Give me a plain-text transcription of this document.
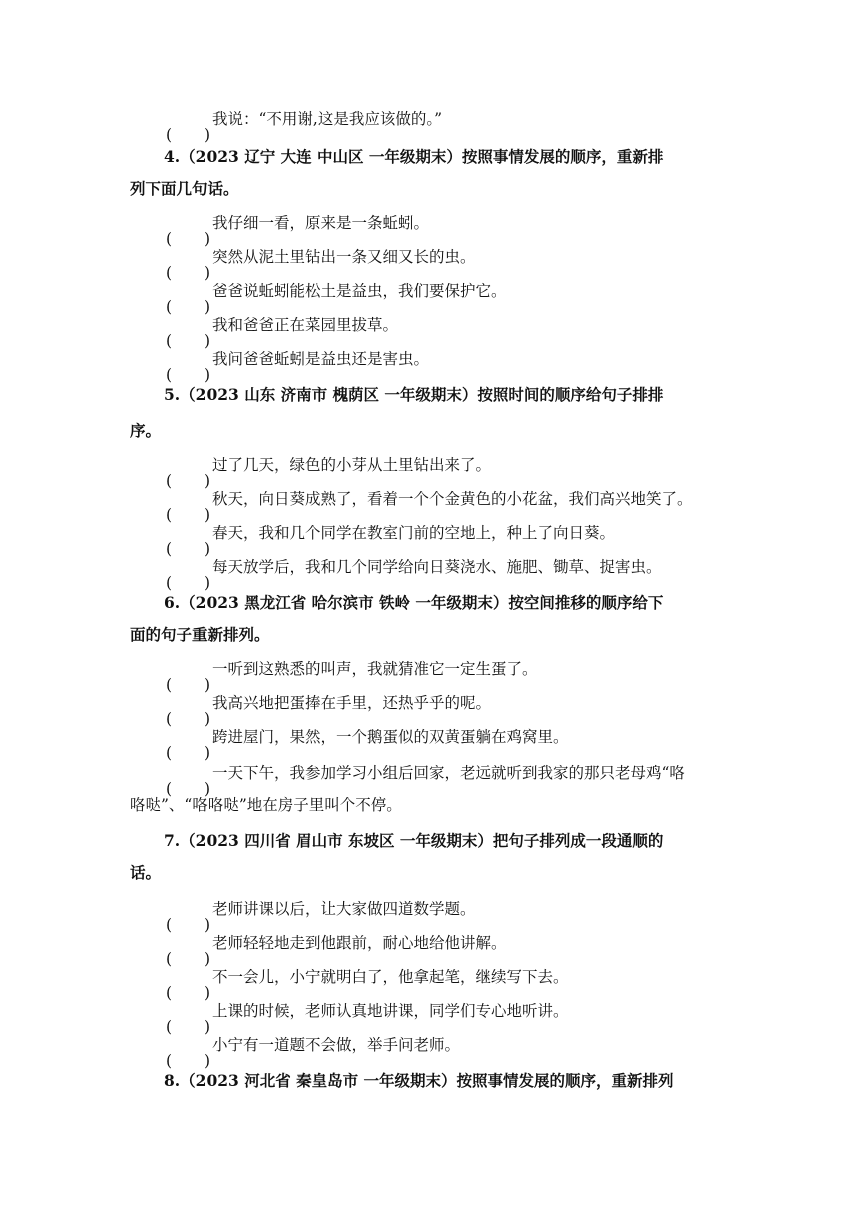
( )
我说：“不用谢,这是我应该做的。”
4.（2023 辽宁 大连 中山区 一年级期末）按照事情发展的顺序，重新排
列下面几句话。
( )
我仔细一看，原来是一条蚯蚓。
( )
突然从泥土里钻出一条又细又长的虫。
( )
爸爸说蚯蚓能松土是益虫，我们要保护它。
( )
我和爸爸正在菜园里拔草。
( )
我问爸爸蚯蚓是益虫还是害虫。
5.（2023 山东 济南市 槐荫区 一年级期末）按照时间的顺序给句子排排
序。
( )
过了几天，绿色的小芽从土里钻出来了。
( )
秋天，向日葵成熟了，看着一个个金黄色的小花盆，我们高兴地笑了。
( )
春天，我和几个同学在教室门前的空地上，种上了向日葵。
( )
每天放学后，我和几个同学给向日葵浇水、施肥、锄草、捉害虫。
6.（2023 黑龙江省 哈尔滨市 铁岭 一年级期末）按空间推移的顺序给下
面的句子重新排列。
( )
一听到这熟悉的叫声，我就猜准它一定生蛋了。
( )
我高兴地把蛋捧在手里，还热乎乎的呢。
( )
跨进屋门，果然，一个鹅蛋似的双黄蛋躺在鸡窝里。
( )
一天下午，我参加学习小组后回家，老远就听到我家的那只老母鸡“咯
咯哒”、“咯咯哒”地在房子里叫个不停。
7.（2023 四川省 眉山市 东坡区 一年级期末）把句子排列成一段通顺的
话。
( )
老师讲课以后，让大家做四道数学题。
( )
老师轻轻地走到他跟前，耐心地给他讲解。
( )
不一会儿，小宁就明白了，他拿起笔，继续写下去。
( )
上课的时候，老师认真地讲课，同学们专心地听讲。
( )
小宁有一道题不会做，举手问老师。
8.（2023 河北省 秦皇岛市 一年级期末）按照事情发展的顺序，重新排列
